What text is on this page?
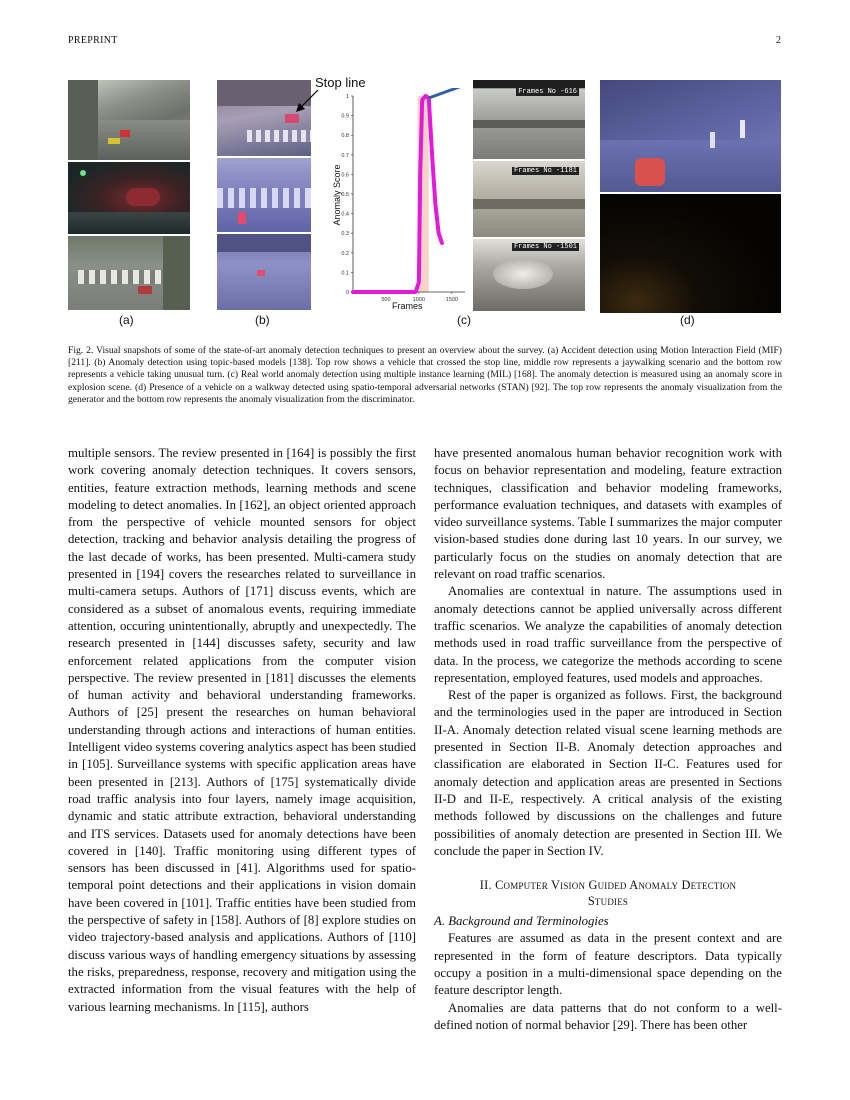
PREPRINT	2
(a)	(b)
Stop line
0
0.1
0.2
0.3
0.4
0.5
0.6
0.7
0.8
0.9
1
500	1000	1500
Anomaly Score
Frames
Frames No -616
Frames No -1181
Frames No -1501
(c)	(d)
Fig. 2. Visual snapshots of some of the state-of-art anomaly detection techniques to present an overview about the survey. (a) Accident detection using Motion Interaction Field (MIF) [211]. (b) Anomaly detection using topic-based models [138]. Top row shows a vehicle that crossed the stop line, middle row represents a jaywalking scenario and the bottom row represents a vehicle taking unusual turn. (c) Real world anomaly detection using multiple instance learning (MIL) [168]. The anomaly detection is measured using an anomaly score in explosion scene. (d) Presence of a vehicle on a walkway detected using spatio-temporal adversarial networks (STAN) [92]. The top row represents the anomaly visualization from the generator and the bottom row represents the anomaly visualization from the discriminator.

multiple sensors. The review presented in [164] is possibly the first work covering anomaly detection techniques. It covers sensors, entities, feature extraction methods, learning methods and scene modeling to detect anomalies. In [162], an object oriented approach from the perspective of vehicle mounted sensors for object detection, tracking and behavior analysis detailing the progress of the last decade of works, has been presented. Multi-camera study presented in [194] covers the researches related to surveillance in multi-camera setups. Authors of [171] discuss events, which are considered as a subset of anomalous events, requiring immediate attention, occuring unintentionally, abruptly and unexpectedly. The research presented in [144] discusses safety, security and law enforcement related applications from the computer vision perspective. The review presented in [181] discusses the elements of human activity and behavioral understanding frameworks. Authors of [25] present the researches on human behavioral understanding through actions and interactions of human entities. Intelligent video systems covering analytics aspect has been studied in [105]. Surveillance systems with specific application areas have been presented in [213]. Authors of [175] systematically divide road traffic analysis into four layers, namely image acquisition, dynamic and static attribute extraction, behavioral understanding and ITS services. Datasets used for anomaly detections have been covered in [140]. Traffic monitoring using different types of sensors has been discussed in [41]. Algorithms used for spatio-temporal point detections and their applications in vision domain have been covered in [101]. Traffic entities have been studied from the perspective of safety in [158]. Authors of [8] explore studies on video trajectory-based analysis and applications. Authors of [110] discuss various ways of handling emergency situations by assessing the risks, preparedness, response, recovery and mitigation using the extracted information from the visual features with the help of various learning mechanisms. In [115], authors

have presented anomalous human behavior recognition work with focus on behavior representation and modeling, feature extraction techniques, classification and behavior modeling frameworks, performance evaluation techniques, and datasets with examples of video surveillance systems. Table I summarizes the major computer vision-based studies done during last 10 years. In our survey, we particularly focus on the studies on anomaly detection that are relevant on road traffic scenarios.

Anomalies are contextual in nature. The assumptions used in anomaly detections cannot be applied universally across different traffic scenarios. We analyze the capabilities of anomaly detection methods used in road traffic surveillance from the perspective of data. In the process, we categorize the methods according to scene representation, employed features, used models and approaches.

Rest of the paper is organized as follows. First, the background and the terminologies used in the paper are introduced in Section II-A. Anomaly detection related visual scene learning methods are presented in Section II-B. Anomaly detection approaches and classification are elaborated in Section II-C. Features used for anomaly detection and application areas are presented in Sections II-D and II-E, respectively. A critical analysis of the existing methods followed by discussions on the challenges and future possibilities of anomaly detection are presented in Section III. We conclude the paper in Section IV.

II. Computer Vision Guided Anomaly Detection
Studies

A. Background and Terminologies

Features are assumed as data in the present context and are represented in the form of feature descriptors. Data typically occupy a position in a multi-dimensional space depending on the feature descriptor length.

Anomalies are data patterns that do not conform to a well-defined notion of normal behavior [29]. There has been other
